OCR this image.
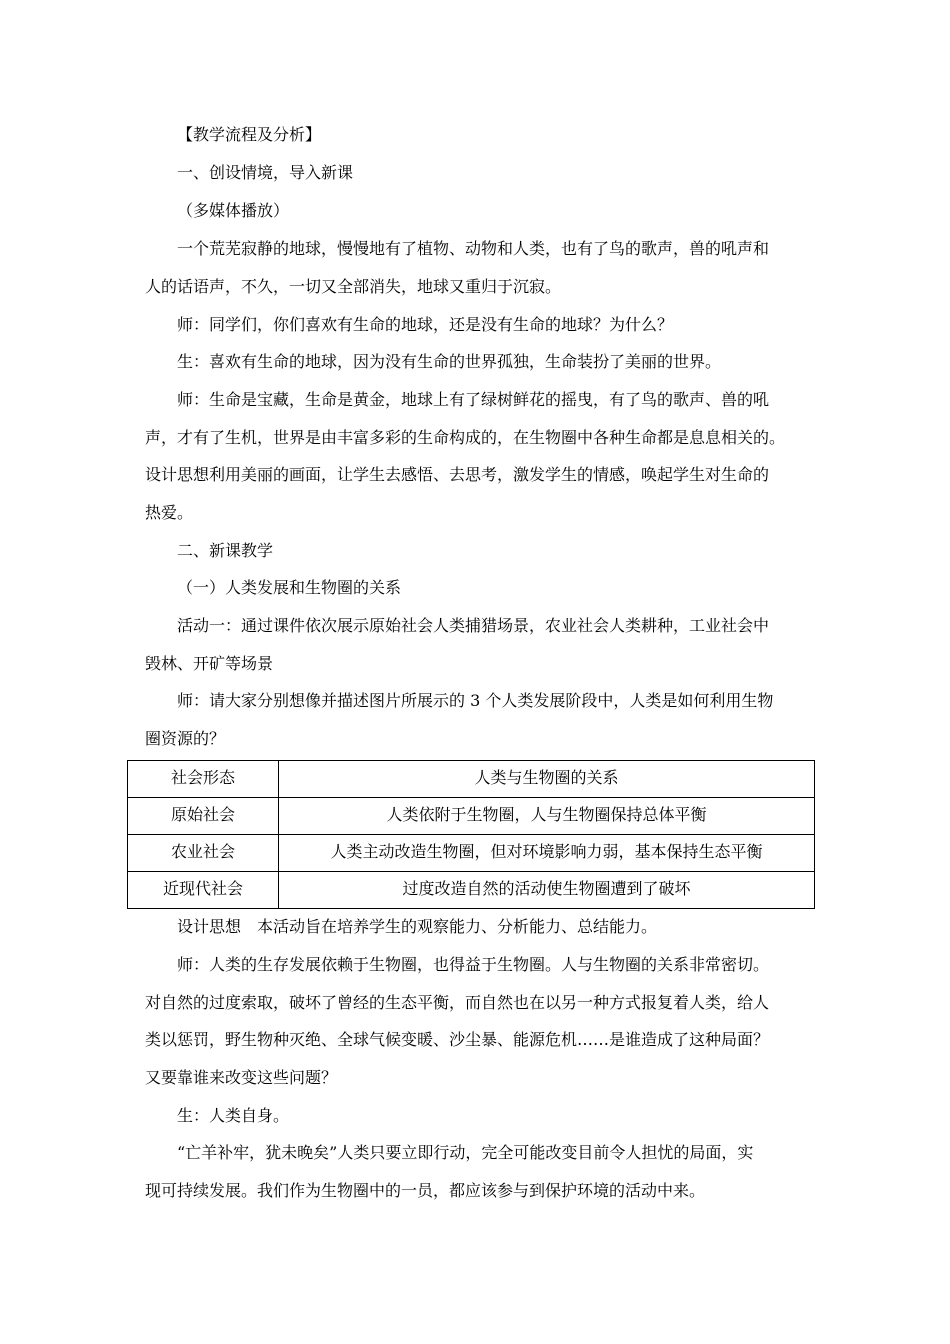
【教学流程及分析】
一、创设情境，导入新课
（多媒体播放）
一个荒芜寂静的地球，慢慢地有了植物、动物和人类，也有了鸟的歌声，兽的吼声和
人的话语声，不久，一切又全部消失，地球又重归于沉寂。
师：同学们，你们喜欢有生命的地球，还是没有生命的地球？为什么？
生：喜欢有生命的地球，因为没有生命的世界孤独，生命装扮了美丽的世界。
师：生命是宝藏，生命是黄金，地球上有了绿树鲜花的摇曳，有了鸟的歌声、兽的吼
声，才有了生机，世界是由丰富多彩的生命构成的，在生物圈中各种生命都是息息相关的。
设计思想利用美丽的画面，让学生去感悟、去思考，激发学生的情感，唤起学生对生命的
热爱。
二、新课教学
（一）人类发展和生物圈的关系
活动一：通过课件依次展示原始社会人类捕猎场景，农业社会人类耕种，工业社会中
毁林、开矿等场景
师：请大家分别想像并描述图片所展示的 3 个人类发展阶段中，人类是如何利用生物
圈资源的？
社会形态	人类与生物圈的关系
原始社会	人类依附于生物圈，人与生物圈保持总体平衡
农业社会	人类主动改造生物圈，但对环境影响力弱，基本保持生态平衡
近现代社会	过度改造自然的活动使生物圈遭到了破坏
设计思想　本活动旨在培养学生的观察能力、分析能力、总结能力。
师：人类的生存发展依赖于生物圈，也得益于生物圈。人与生物圈的关系非常密切。
对自然的过度索取，破坏了曾经的生态平衡，而自然也在以另一种方式报复着人类，给人
类以惩罚，野生物种灭绝、全球气候变暖、沙尘暴、能源危机……是谁造成了这种局面？
又要靠谁来改变这些问题？
生：人类自身。
“亡羊补牢，犹未晚矣”人类只要立即行动，完全可能改变目前令人担忧的局面，实
现可持续发展。我们作为生物圈中的一员，都应该参与到保护环境的活动中来。
